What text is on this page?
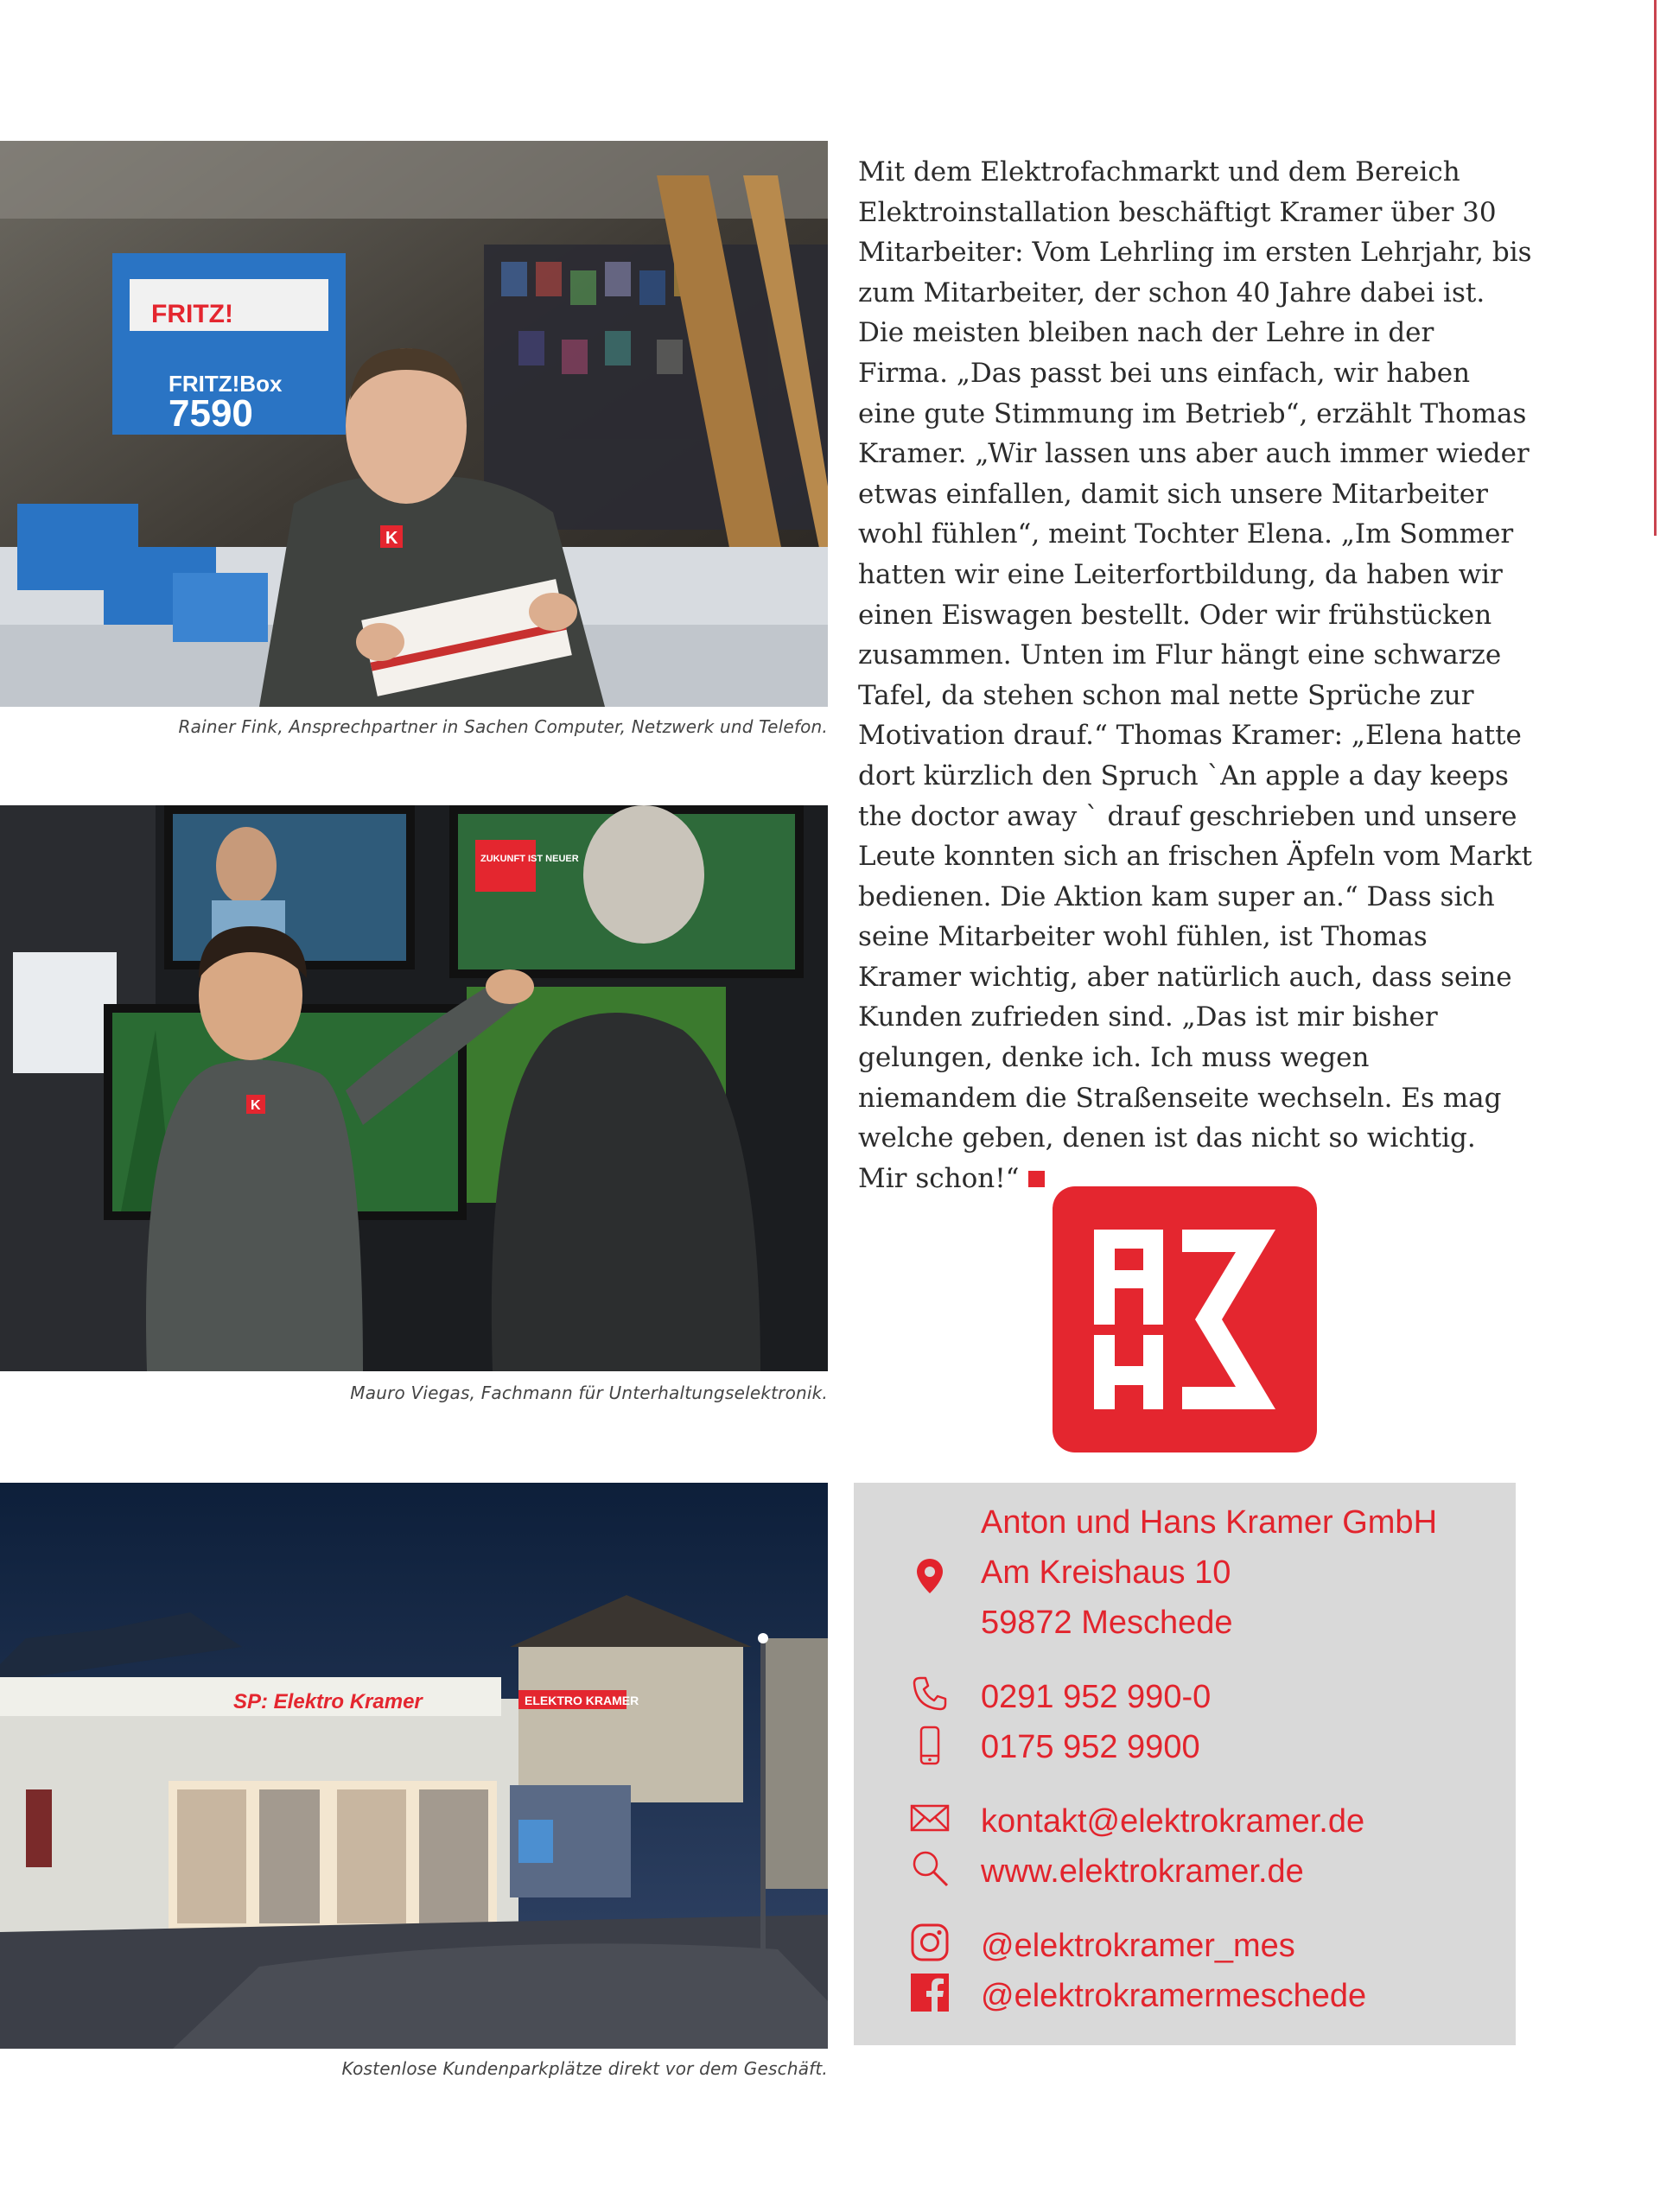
FRITZ!
FRITZ!Box
7590
K
Rainer Fink, Ansprechpartner in Sachen Computer, Netzwerk und Telefon.
ZUKUNFT IST NEUER
K
Mauro Viegas, Fachmann für Unterhaltungselektronik.
SP: Elektro Kramer	ELEKTRO KRAMER
Kostenlose Kundenparkplätze direkt vor dem Geschäft.

Mit dem Elektrofachmarkt und dem Bereich Elektroinstallation beschäftigt Kramer über 30 Mitarbeiter: Vom Lehrling im ersten Lehrjahr, bis zum Mitarbeiter, der schon 40 Jahre dabei ist. Die meisten bleiben nach der Lehre in der Firma. „Das passt bei uns einfach, wir haben eine gute Stimmung im Betrieb“, erzählt Thomas Kramer. „Wir lassen uns aber auch immer wieder etwas einfallen, damit sich unsere Mitarbeiter wohl fühlen“, meint Tochter Elena. „Im Sommer hatten wir eine Leiterfortbildung, da haben wir einen Eiswagen bestellt. Oder wir frühstücken zusammen. Unten im Flur hängt eine schwarze Tafel, da stehen schon mal nette Sprüche zur Motivation drauf.“ Thomas Kramer: „Elena hatte dort kürzlich den Spruch `An apple a day keeps the doctor away ` drauf geschrieben und unsere Leute konnten sich an frischen Äpfeln vom Markt bedienen. Die Aktion kam super an.“ Dass sich seine Mitarbeiter wohl fühlen, ist Thomas Kramer wichtig, aber natürlich auch, dass seine Kunden zufrieden sind. „Das ist mir bisher gelungen, denke ich. Ich muss wegen niemandem die Straßenseite wechseln. Es mag welche geben, denen ist das nicht so wichtig. Mir schon!“

Anton und Hans Kramer GmbH
Am Kreishaus 10
59872 Meschede
0291 952 990-0
0175 952 9900
kontakt@elektrokramer.de
www.elektrokramer.de
@elektrokramer_mes
@elektrokramermeschede
